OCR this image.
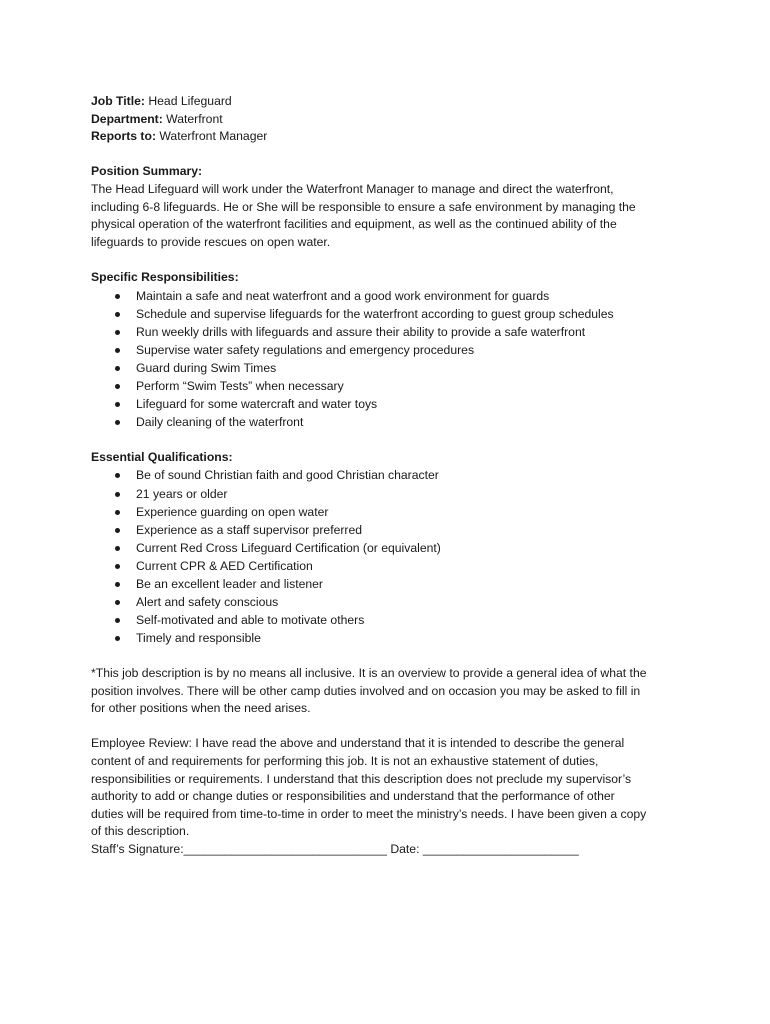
Job Title: Head Lifeguard

Department: Waterfront

Reports to: Waterfront Manager

Position Summary:

The Head Lifeguard will work under the Waterfront Manager to manage and direct the waterfront,

including 6-8 lifeguards. He or She will be responsible to ensure a safe environment by managing the

physical operation of the waterfront facilities and equipment, as well as the continued ability of the

lifeguards to provide rescues on open water.

Specific Responsibilities:

Maintain a safe and neat waterfront and a good work environment for guards
Schedule and supervise lifeguards for the waterfront according to guest group schedules
Run weekly drills with lifeguards and assure their ability to provide a safe waterfront
Supervise water safety regulations and emergency procedures
Guard during Swim Times
Perform “Swim Tests” when necessary
Lifeguard for some watercraft and water toys
Daily cleaning of the waterfront

Essential Qualifications:

Be of sound Christian faith and good Christian character
21 years or older
Experience guarding on open water
Experience as a staff supervisor preferred
Current Red Cross Lifeguard Certification (or equivalent)
Current CPR & AED Certification
Be an excellent leader and listener
Alert and safety conscious
Self-motivated and able to motivate others
Timely and responsible

*This job description is by no means all inclusive. It is an overview to provide a general idea of what the

position involves. There will be other camp duties involved and on occasion you may be asked to fill in

for other positions when the need arises.

Employee Review: I have read the above and understand that it is intended to describe the general

content of and requirements for performing this job. It is not an exhaustive statement of duties,

responsibilities or requirements. I understand that this description does not preclude my supervisor’s

authority to add or change duties or responsibilities and understand that the performance of other

duties will be required from time-to-time in order to meet the ministry’s needs. I have been given a copy

of this description.

Staff’s Signature:______________________________ Date: _______________________
